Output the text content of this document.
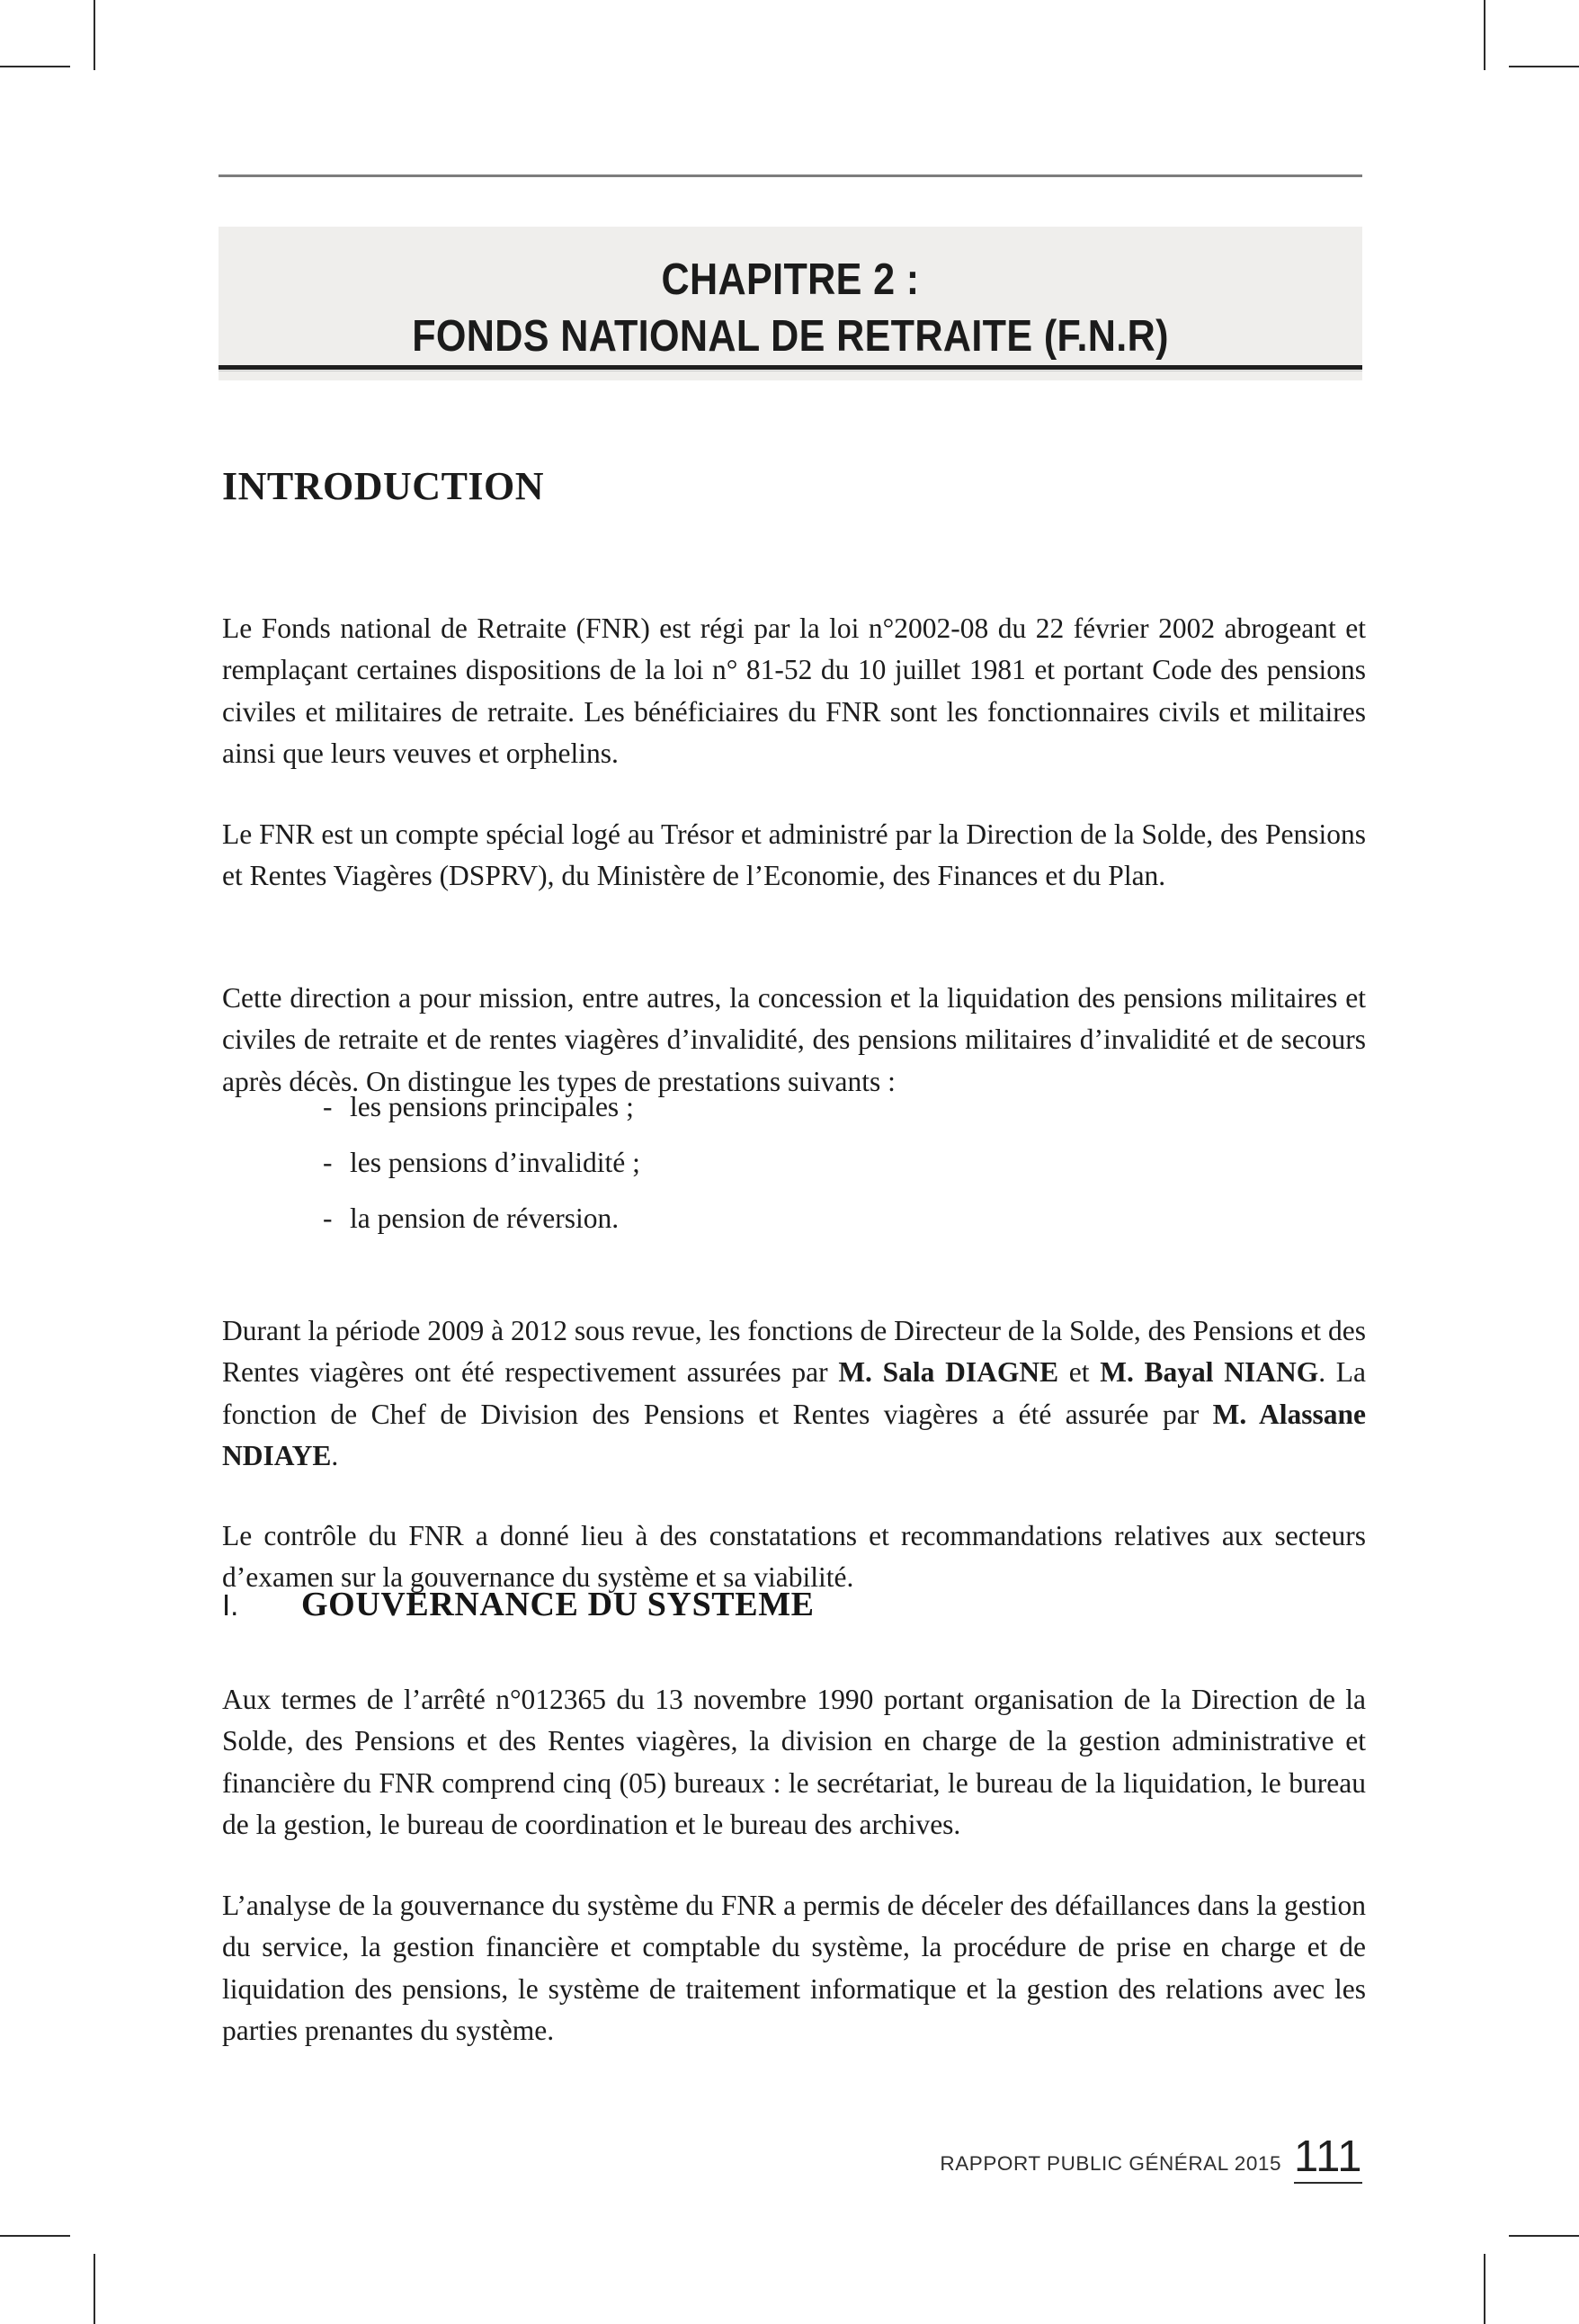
CHAPITRE 2 :
FONDS NATIONAL DE RETRAITE (F.N.R)
INTRODUCTION

Le Fonds national de Retraite (FNR) est régi par la loi n°2002-08 du 22 février 2002 abrogeant et remplaçant certaines dispositions de la loi n° 81-52 du 10 juillet 1981 et portant Code des pensions civiles et militaires de retraite. Les bénéficiaires du FNR sont les fonctionnaires civils et militaires ainsi que leurs veuves et orphelins.

Le FNR est un compte spécial logé au Trésor et administré par la Direction de la Solde, des Pensions et Rentes Viagères (DSPRV), du Ministère de l’Economie, des Finances et du Plan.

Cette direction a pour mission, entre autres, la concession et la liquidation des pensions militaires et civiles de retraite et de rentes viagères d’invalidité, des pensions militaires d’invalidité et de secours après décès. On distingue les types de prestations suivants :

- les pensions principales ;
- les pensions d’invalidité ;
- la pension de réversion.

Durant la période 2009 à 2012 sous revue, les fonctions de Directeur de la Solde, des Pensions et des Rentes viagères ont été respectivement assurées par M. Sala DIAGNE et M. Bayal NIANG. La fonction de Chef de Division des Pensions et Rentes viagères a été assurée par M. Alassane NDIAYE.

Le contrôle du FNR a donné lieu à des constatations et recommandations relatives aux secteurs d’examen sur la gouvernance du système et sa viabilité.

I.	GOUVERNANCE DU SYSTEME

Aux termes de l’arrêté n°012365 du 13 novembre 1990 portant organisation de la Direction de la Solde, des Pensions et des Rentes viagères, la division en charge de la gestion administrative et financière du FNR comprend cinq (05) bureaux : le secrétariat, le bureau de la liquidation, le bureau de la gestion, le bureau de coordination et le bureau des archives.

L’analyse de la gouvernance du système du FNR a permis de déceler des défaillances dans la gestion du service, la gestion financière et comptable du système, la procédure de prise en charge et de liquidation des pensions, le système de traitement informatique et la gestion des relations avec les parties prenantes du système.

RAPPORT PUBLIC GÉNÉRAL 2015 111
